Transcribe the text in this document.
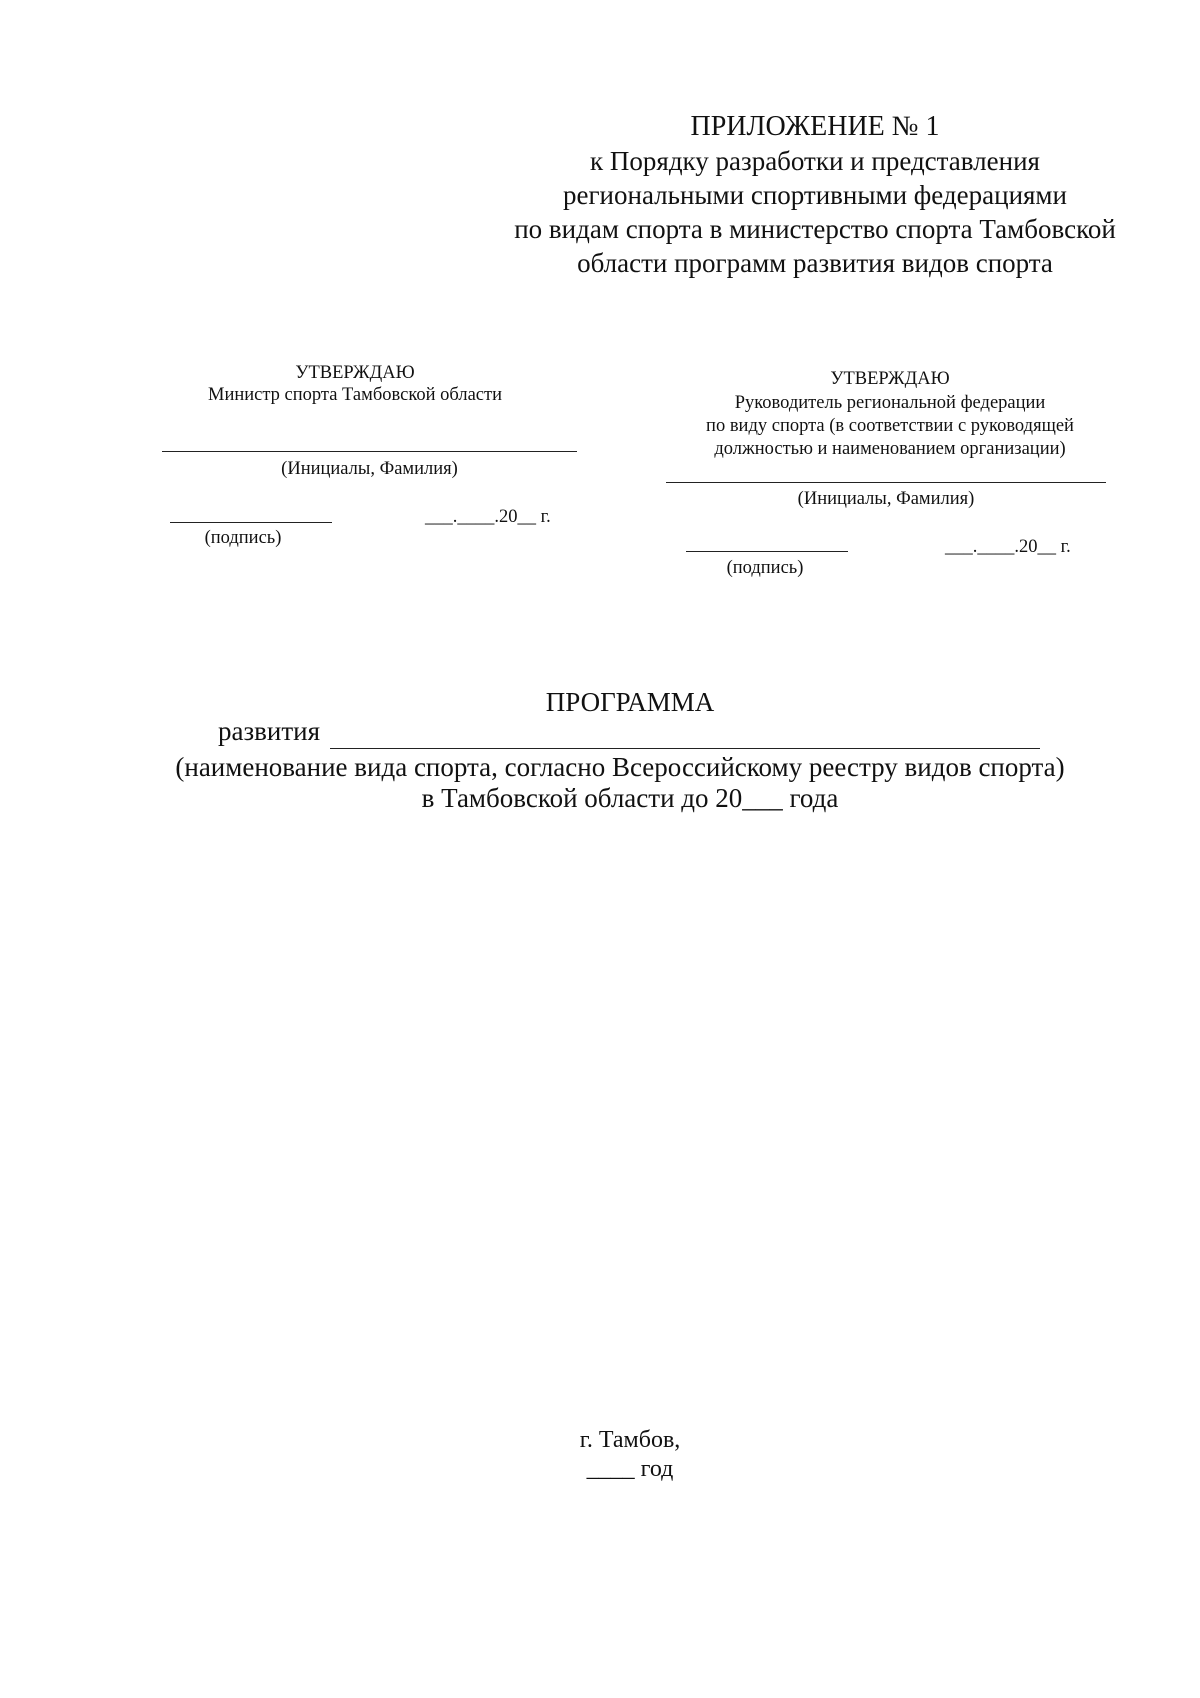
ПРИЛОЖЕНИЕ № 1
к Порядку разработки и представления
региональными спортивными федерациями
по видам спорта в министерство спорта Тамбовской
области программ развития видов спорта
УТВЕРЖДАЮ
Министр спорта Тамбовской области
(Инициалы, Фамилия)
(подпись)
___.____.20__ г.
УТВЕРЖДАЮ
Руководитель региональной федерации
по виду спорта (в соответствии с руководящей
должностью и наименованием организации)
(Инициалы, Фамилия)
(подпись)
___.____.20__ г.
ПРОГРАММА
развития
(наименование вида спорта, согласно Всероссийскому реестру видов спорта)
в Тамбовской области до 20___ года
г. Тамбов,
____ год
